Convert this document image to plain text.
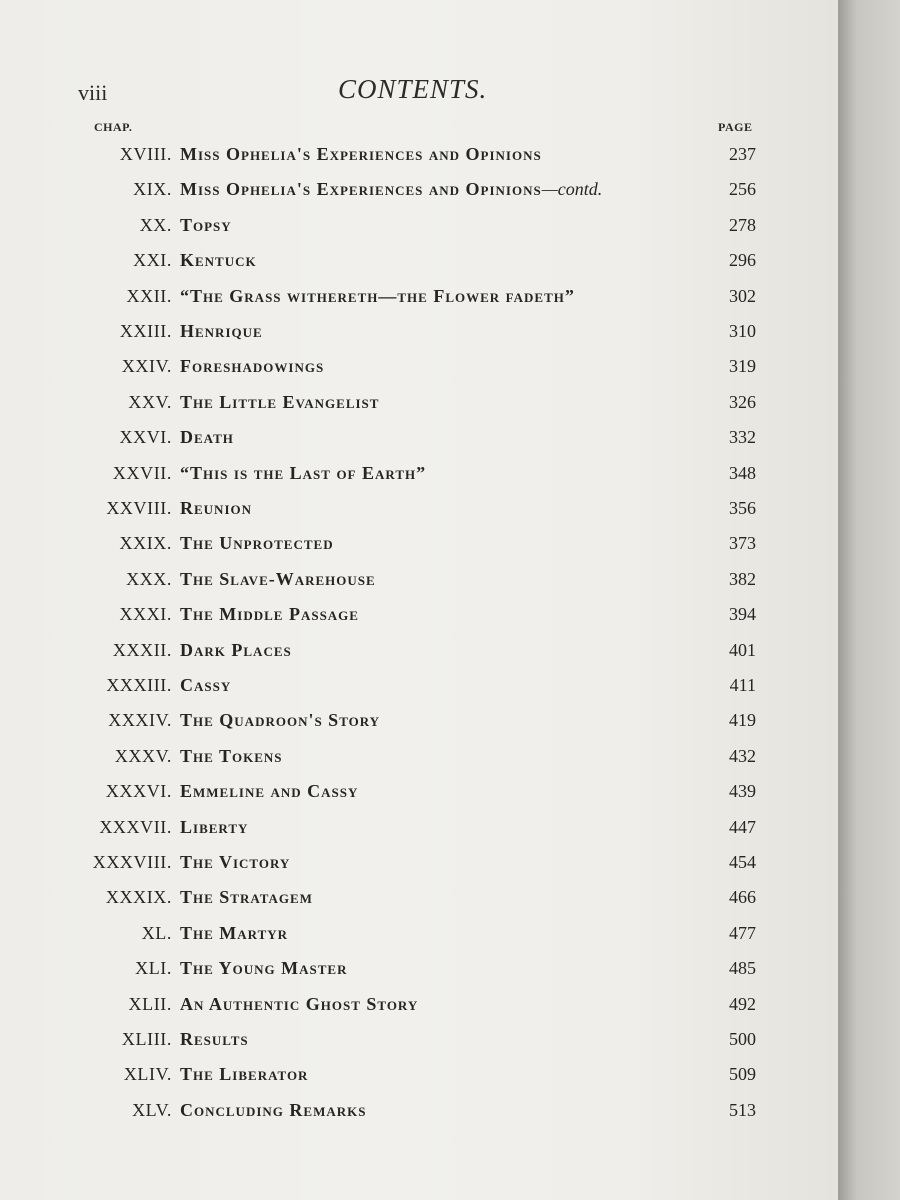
viii	CONTENTS.
CHAP.	PAGE
XVIII. Miss Ophelia's Experiences and Opinions	237
XIX. Miss Ophelia's Experiences and Opinions—contd.	256
XX. Topsy	278
XXI. Kentuck	296
XXII. “The Grass withereth—the Flower fadeth”	302
XXIII. Henrique	310
XXIV. Foreshadowings	319
XXV. The Little Evangelist	326
XXVI. Death	332
XXVII. “This is the Last of Earth”	348
XXVIII. Reunion	356
XXIX. The Unprotected	373
XXX. The Slave-Warehouse	382
XXXI. The Middle Passage	394
XXXII. Dark Places	401
XXXIII. Cassy	411
XXXIV. The Quadroon's Story	419
XXXV. The Tokens	432
XXXVI. Emmeline and Cassy	439
XXXVII. Liberty	447
XXXVIII. The Victory	454
XXXIX. The Stratagem	466
XL. The Martyr	477
XLI. The Young Master	485
XLII. An Authentic Ghost Story	492
XLIII. Results	500
XLIV. The Liberator	509
XLV. Concluding Remarks	513
